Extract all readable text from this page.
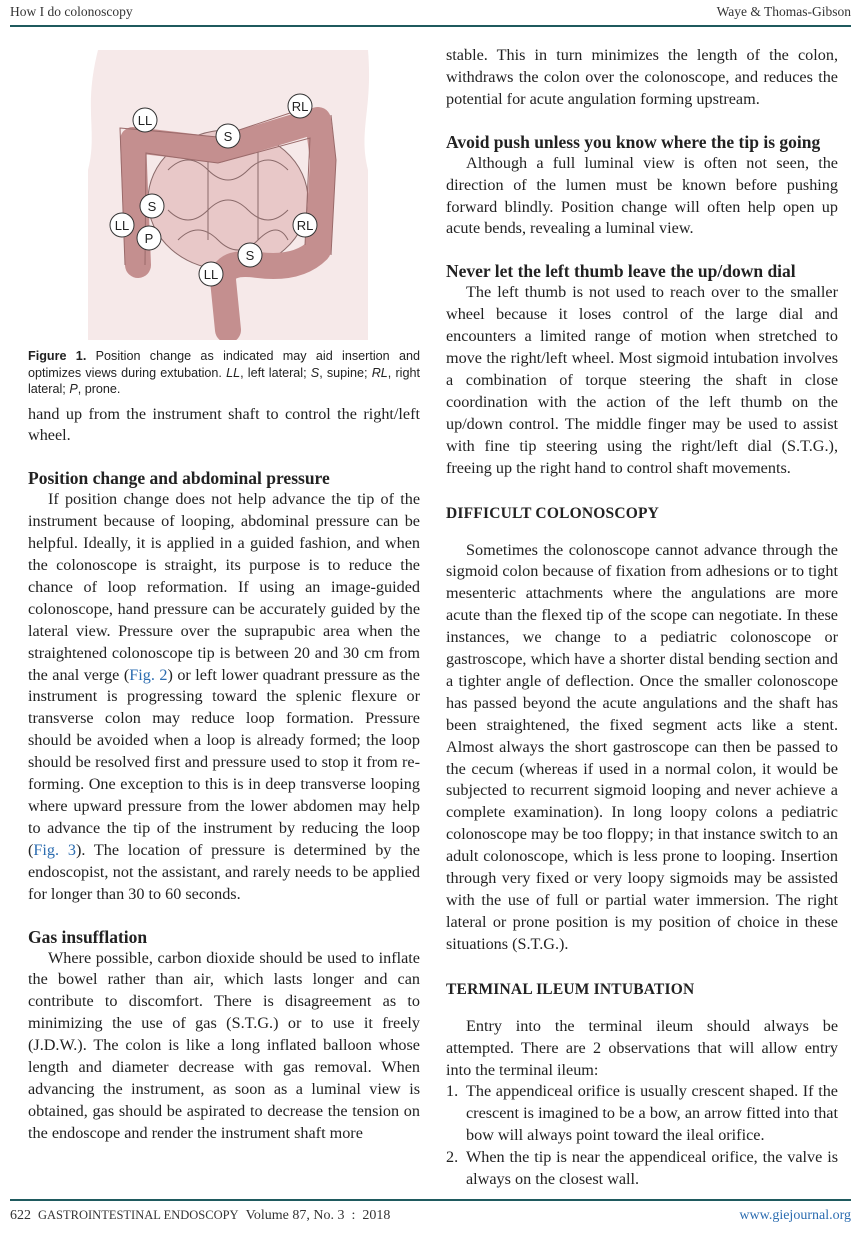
How I do colonoscopy	Waye & Thomas-Gibson
LL
S
RL
S
LL
P
RL
S
LL
Figure 1. Position change as indicated may aid insertion and optimizes views during extubation. LL, left lateral; S, supine; RL, right lateral; P, prone.

hand up from the instrument shaft to control the right/left wheel.

Position change and abdominal pressure

If position change does not help advance the tip of the instrument because of looping, abdominal pressure can be helpful. Ideally, it is applied in a guided fashion, and when the colonoscope is straight, its purpose is to reduce the chance of loop reformation. If using an image-guided colonoscope, hand pressure can be accurately guided by the lateral view. Pressure over the suprapubic area when the straightened colonoscope tip is between 20 and 30 cm from the anal verge (Fig. 2) or left lower quadrant pressure as the instrument is progressing toward the splenic flexure or transverse colon may reduce loop formation. Pressure should be avoided when a loop is already formed; the loop should be resolved first and pressure used to stop it from re-forming. One exception to this is in deep transverse looping where upward pressure from the lower abdomen may help to advance the tip of the instrument by reducing the loop (Fig. 3). The location of pressure is determined by the endoscopist, not the assistant, and rarely needs to be applied for longer than 30 to 60 seconds.

Gas insufflation

Where possible, carbon dioxide should be used to inflate the bowel rather than air, which lasts longer and can contribute to discomfort. There is disagreement as to minimizing the use of gas (S.T.G.) or to use it freely (J.D.W.). The colon is like a long inflated balloon whose length and diameter decrease with gas removal. When advancing the instrument, as soon as a luminal view is obtained, gas should be aspirated to decrease the tension on the endoscope and render the instrument shaft more

stable. This in turn minimizes the length of the colon, withdraws the colon over the colonoscope, and reduces the potential for acute angulation forming upstream.

Avoid push unless you know where the tip is going

Although a full luminal view is often not seen, the direction of the lumen must be known before pushing forward blindly. Position change will often help open up acute bends, revealing a luminal view.

Never let the left thumb leave the up/down dial

The left thumb is not used to reach over to the smaller wheel because it loses control of the large dial and encounters a limited range of motion when stretched to move the right/left wheel. Most sigmoid intubation involves a combination of torque steering the shaft in close coordination with the action of the left thumb on the up/down control. The middle finger may be used to assist with fine tip steering using the right/left dial (S.T.G.), freeing up the right hand to control shaft movements.

DIFFICULT COLONOSCOPY

Sometimes the colonoscope cannot advance through the sigmoid colon because of fixation from adhesions or to tight mesenteric attachments where the angulations are more acute than the flexed tip of the scope can negotiate. In these instances, we change to a pediatric colonoscope or gastroscope, which have a shorter distal bending section and a tighter angle of deflection. Once the smaller colonoscope has passed beyond the acute angulations and the shaft has been straightened, the fixed segment acts like a stent. Almost always the short gastroscope can then be passed to the cecum (whereas if used in a normal colon, it would be subjected to recurrent sigmoid looping and never achieve a complete examination). In long loopy colons a pediatric colonoscope may be too floppy; in that instance switch to an adult colonoscope, which is less prone to looping. Insertion through very fixed or very loopy sigmoids may be assisted with the use of full or partial water immersion. The right lateral or prone position is my position of choice in these situations (S.T.G.).

TERMINAL ILEUM INTUBATION

Entry into the terminal ileum should always be attempted. There are 2 observations that will allow entry into the terminal ileum:

1. The appendiceal orifice is usually crescent shaped. If the crescent is imagined to be a bow, an arrow fitted into that bow will always point toward the ileal orifice.
2. When the tip is near the appendiceal orifice, the valve is always on the closest wall.
622 GASTROINTESTINAL ENDOSCOPY Volume 87, No. 3  :  2018	www.giejournal.org
